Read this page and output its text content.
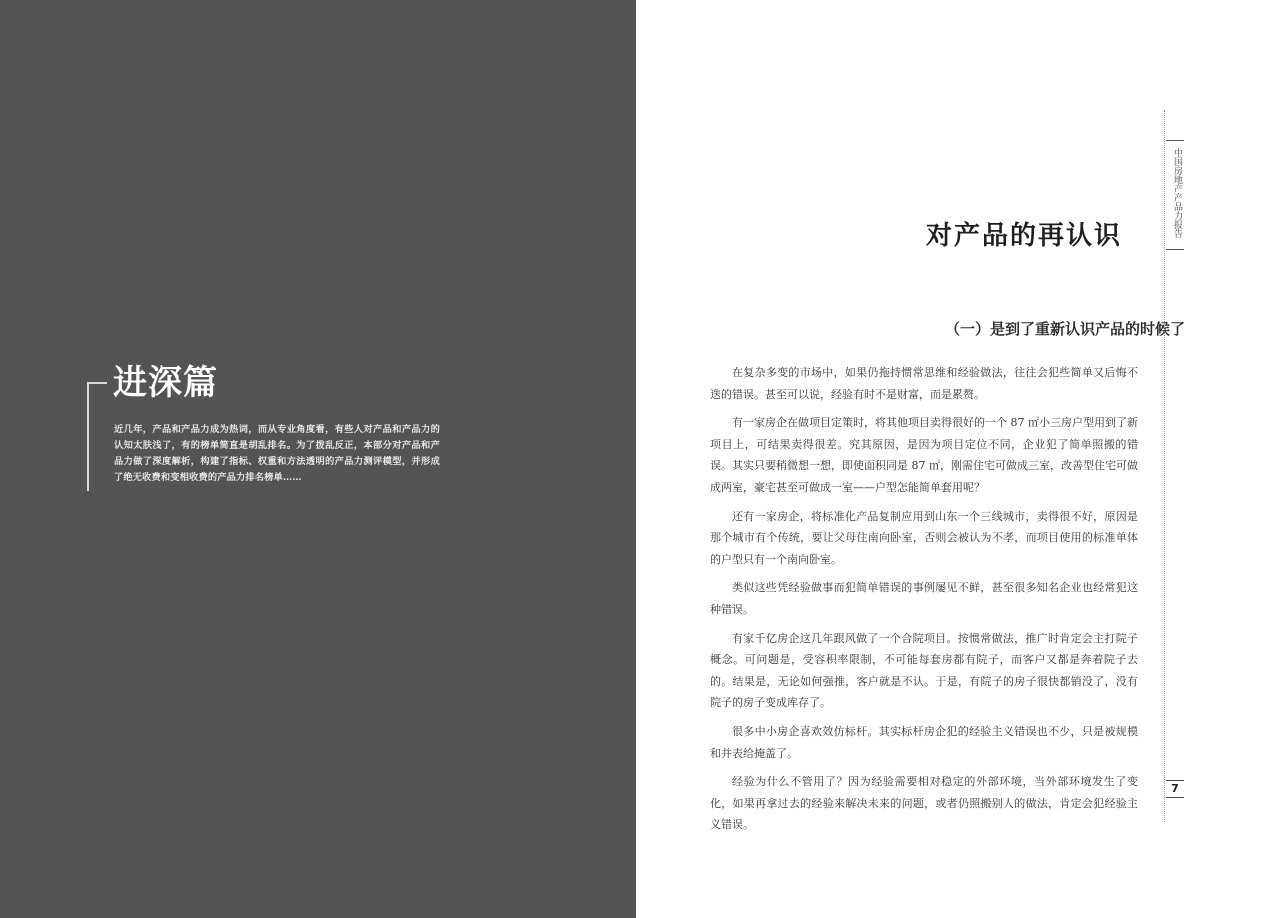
进深篇
近几年，产品和产品力成为热词，而从专业角度看，有些人对产品和产品力的认知太肤浅了，有的榜单简直是胡乱排名。为了拨乱反正，本部分对产品和产品力做了深度解析，构建了指标、权重和方法透明的产品力测评模型，并形成了绝无收费和变相收费的产品力排名榜单……
对产品的再认识
（一）是到了重新认识产品的时候了

在复杂多变的市场中，如果仍拖持惯常思维和经验做法，往往会犯些简单又后悔不迭的错误。甚至可以说，经验有时不是财富，而是累赘。

有一家房企在做项目定策时，将其他项目卖得很好的一个 87 ㎡小三房户型用到了新项目上，可结果卖得很差。究其原因，是因为项目定位不同，企业犯了简单照搬的错误。其实只要稍微想一想，即使面积同是 87 ㎡，刚需住宅可做成三室，改善型住宅可做成两室，豪宅甚至可做成一室——户型怎能简单套用呢？

还有一家房企，将标准化产品复制应用到山东一个三线城市，卖得很不好，原因是那个城市有个传统，要让父母住南向卧室，否则会被认为不孝，而项目使用的标准单体的户型只有一个南向卧室。

类似这些凭经验做事而犯简单错误的事例屡见不鲜，甚至很多知名企业也经常犯这种错误。

有家千亿房企这几年跟风做了一个合院项目。按惯常做法，推广时肯定会主打院子概念。可问题是，受容积率限制，不可能每套房都有院子，而客户又都是奔着院子去的。结果是，无论如何强推，客户就是不认。于是，有院子的房子很快都销没了，没有院子的房子变成库存了。

很多中小房企喜欢效仿标杆。其实标杆房企犯的经验主义错误也不少，只是被规模和并表给掩盖了。

经验为什么不管用了？因为经验需要相对稳定的外部环境，当外部环境发生了变化，如果再拿过去的经验来解决未来的问题，或者仍照搬别人的做法，肯定会犯经验主义错误。

中国房地产产品力报告
7
